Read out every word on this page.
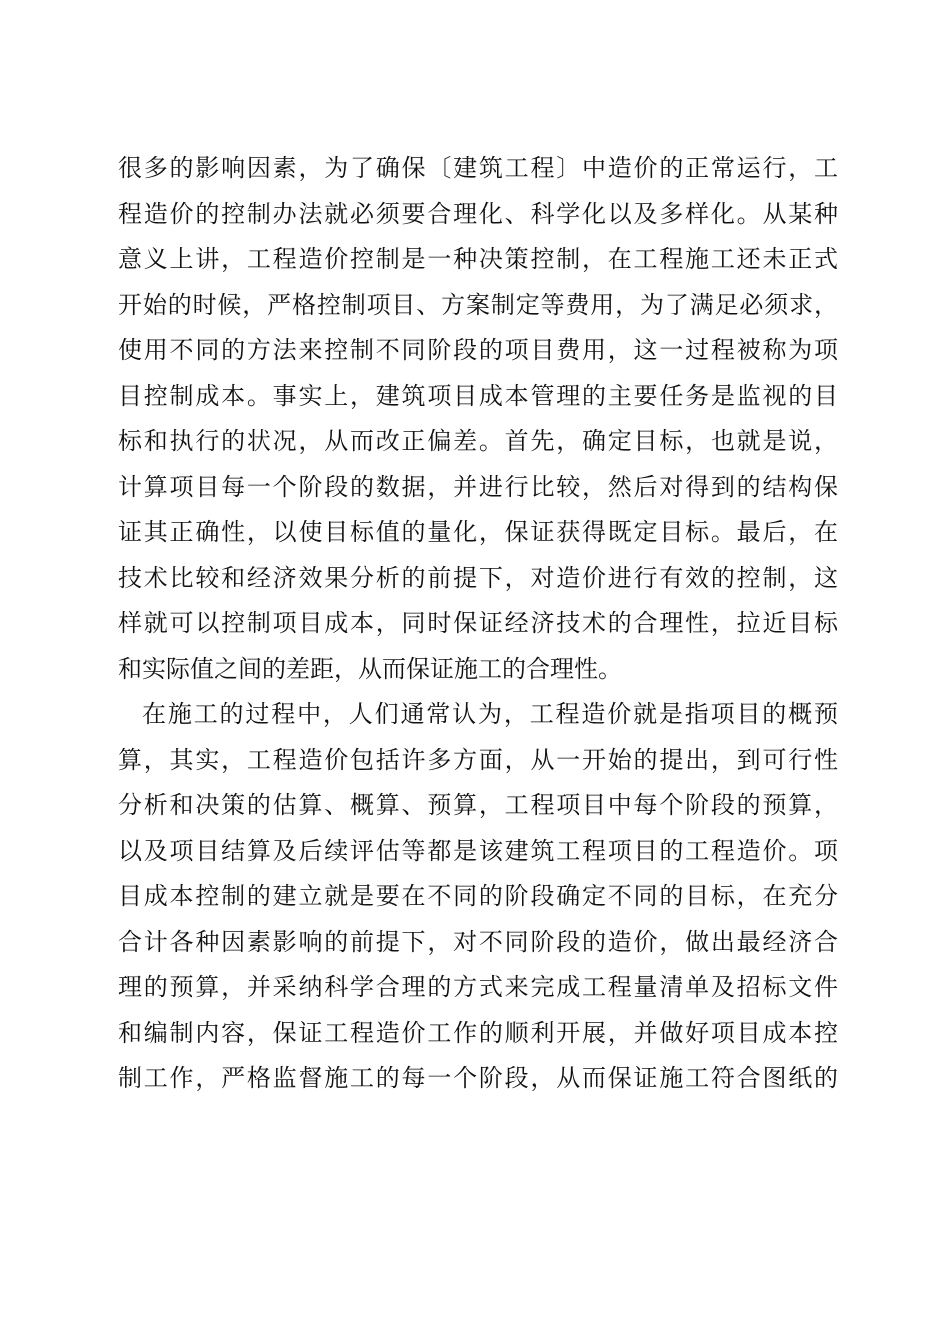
很多的影响因素，为了确保〔建筑工程〕中造价的正常运行，工
程造价的控制办法就必须要合理化、科学化以及多样化。从某种
意义上讲，工程造价控制是一种决策控制，在工程施工还未正式
开始的时候，严格控制项目、方案制定等费用，为了满足必须求，
使用不同的方法来控制不同阶段的项目费用，这一过程被称为项
目控制成本。事实上，建筑项目成本管理的主要任务是监视的目
标和执行的状况，从而改正偏差。首先，确定目标，也就是说，
计算项目每一个阶段的数据，并进行比较，然后对得到的结构保
证其正确性，以使目标值的量化，保证获得既定目标。最后，在
技术比较和经济效果分析的前提下，对造价进行有效的控制，这
样就可以控制项目成本，同时保证经济技术的合理性，拉近目标
和实际值之间的差距，从而保证施工的合理性。
在施工的过程中，人们通常认为，工程造价就是指项目的概预
算，其实，工程造价包括许多方面，从一开始的提出，到可行性
分析和决策的估算、概算、预算，工程项目中每个阶段的预算，
以及项目结算及后续评估等都是该建筑工程项目的工程造价。项
目成本控制的建立就是要在不同的阶段确定不同的目标，在充分
合计各种因素影响的前提下，对不同阶段的造价，做出最经济合
理的预算，并采纳科学合理的方式来完成工程量清单及招标文件
和编制内容，保证工程造价工作的顺利开展，并做好项目成本控
制工作，严格监督施工的每一个阶段，从而保证施工符合图纸的
